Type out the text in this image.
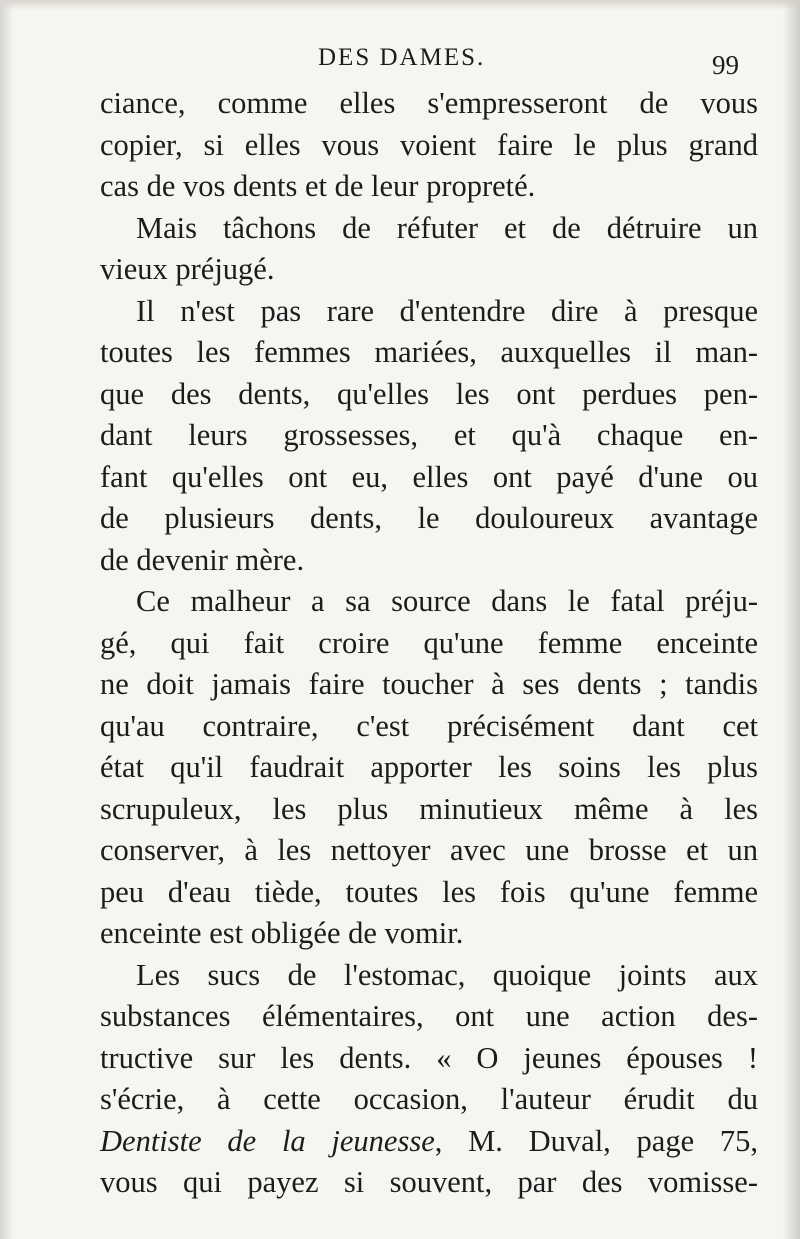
DES DAMES.	99
ciance, comme elles s'empresseront de vous
copier, si elles vous voient faire le plus grand
cas de vos dents et de leur propreté.
Mais tâchons de réfuter et de détruire un
vieux préjugé.
Il n'est pas rare d'entendre dire à presque
toutes les femmes mariées, auxquelles il man-
que des dents, qu'elles les ont perdues pen-
dant leurs grossesses, et qu'à chaque en-
fant qu'elles ont eu, elles ont payé d'une ou
de plusieurs dents, le douloureux avantage
de devenir mère.
Ce malheur a sa source dans le fatal préju-
gé, qui fait croire qu'une femme enceinte
ne doit jamais faire toucher à ses dents ; tandis
qu'au contraire, c'est précisément dant cet
état qu'il faudrait apporter les soins les plus
scrupuleux, les plus minutieux même à les
conserver, à les nettoyer avec une brosse et un
peu d'eau tiède, toutes les fois qu'une femme
enceinte est obligée de vomir.
Les sucs de l'estomac, quoique joints aux
substances élémentaires, ont une action des-
tructive sur les dents. « O jeunes épouses !
s'écrie, à cette occasion, l'auteur érudit du
Dentiste de la jeunesse, M. Duval, page 75,
vous qui payez si souvent, par des vomisse-
